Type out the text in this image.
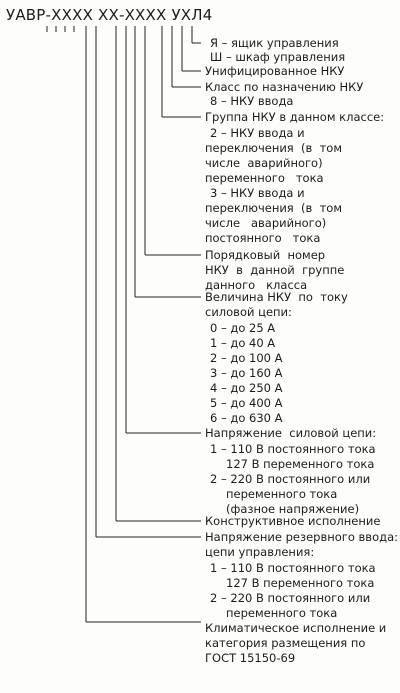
УАВР-ХХХХ ХХ-ХХХХ УХЛ4
Я – ящик управления
Ш – шкаф управления
Унифицированное НКУ
Класс по назначению НКУ
8 – НКУ ввода
Группа НКУ в данном классе:
2 – НКУ ввода и
переключения  (в  том
числе  аварийного)
переменного   тока
3 – НКУ ввода и
переключения  (в  том
числе   аварийного)
постоянного   тока
Порядковый  номер
НКУ  в  данной  группе
данного   класса
Величина НКУ  по  току
силовой цепи:
0 – до 25 А
1 – до 40 А
2 – до 100 А
3 – до 160 А
4 – до 250 А
5 – до 400 А
6 – до 630 А
Напряжение  силовой цепи:
1 – 110 В постоянного тока
127 В переменного тока
2 – 220 В постоянного или
переменного тока
(фазное напряжение)
Конструктивное исполнение
Напряжение резервного ввода:
цепи управления:
1 – 110 В постоянного тока
127 В переменного тока
2 – 220 В постоянного или
переменного тока
Климатическое исполнение и
категория размещения по
ГОСТ 15150-69
